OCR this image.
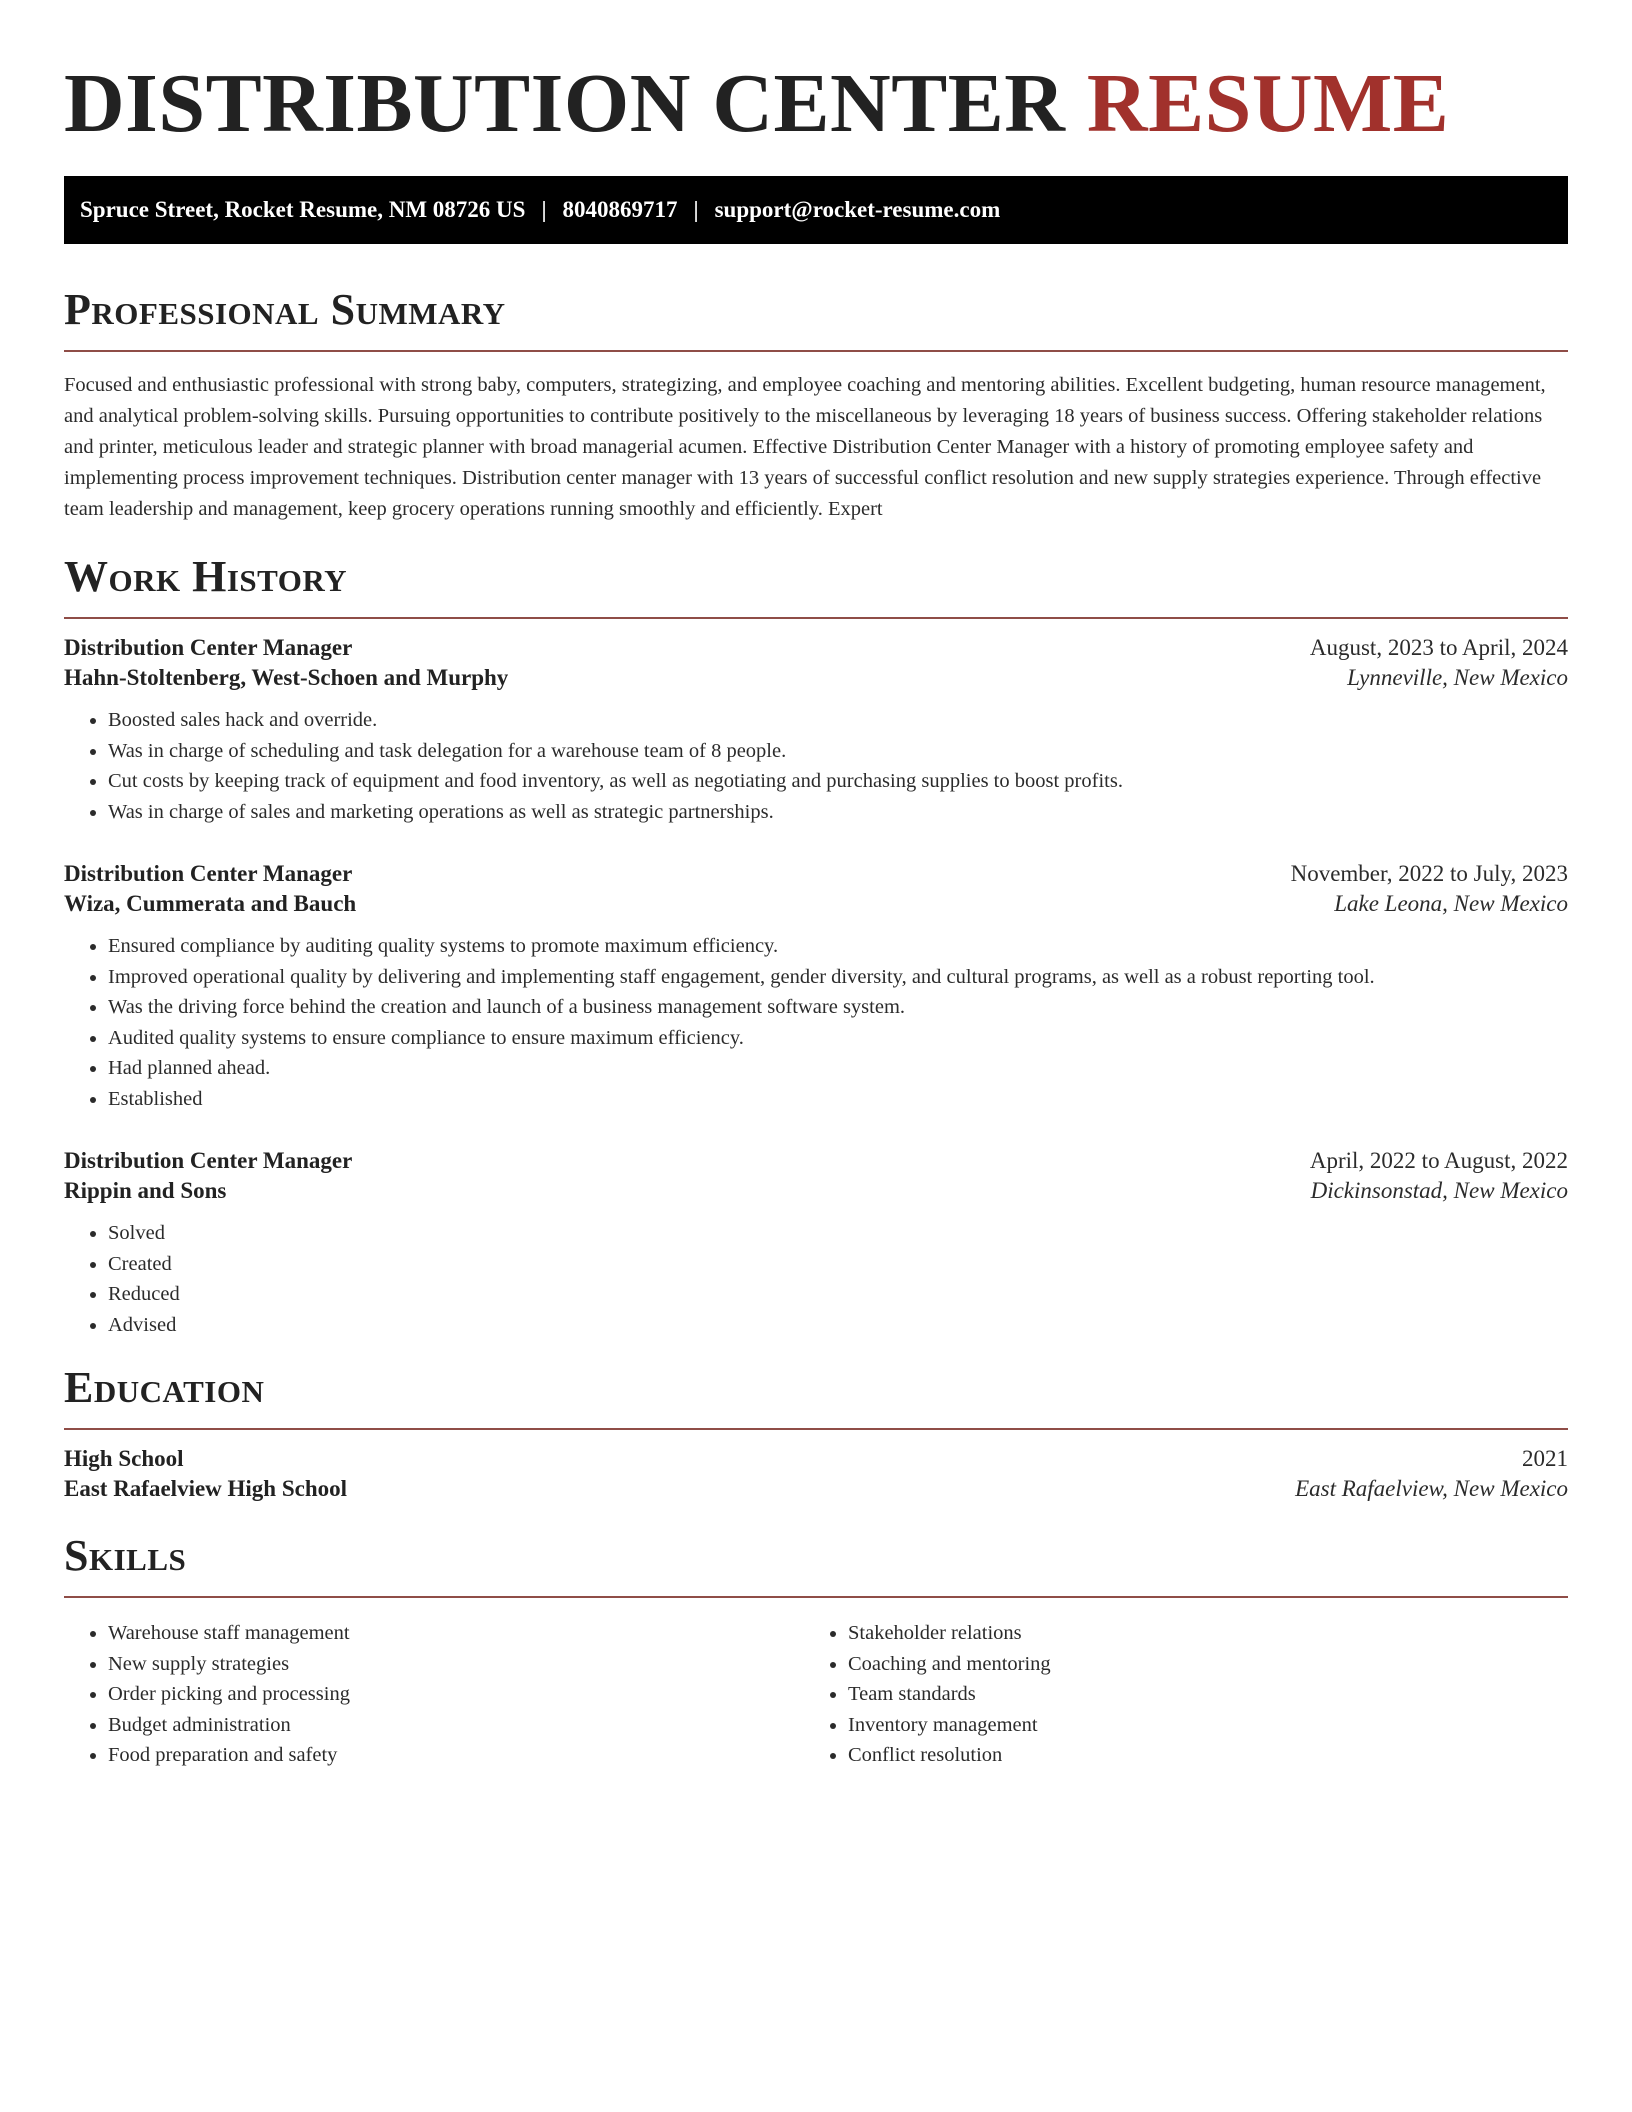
DISTRIBUTION CENTER RESUME
Spruce Street, Rocket Resume, NM 08726 US | 8040869717 | support@rocket-resume.com
Professional Summary

Focused and enthusiastic professional with strong baby, computers, strategizing, and employee coaching and mentoring abilities. Excellent budgeting, human resource management, and analytical problem-solving skills. Pursuing opportunities to contribute positively to the miscellaneous by leveraging 18 years of business success. Offering stakeholder relations and printer, meticulous leader and strategic planner with broad managerial acumen. Effective Distribution Center Manager with a history of promoting employee safety and implementing process improvement techniques. Distribution center manager with 13 years of successful conflict resolution and new supply strategies experience. Through effective team leadership and management, keep grocery operations running smoothly and efficiently. Expert

Work History
Distribution Center Manager	August, 2023 to April, 2024
Hahn-Stoltenberg, West-Schoen and Murphy	Lynneville, New Mexico
• Boosted sales hack and override.
• Was in charge of scheduling and task delegation for a warehouse team of 8 people.
• Cut costs by keeping track of equipment and food inventory, as well as negotiating and purchasing supplies to boost profits.
• Was in charge of sales and marketing operations as well as strategic partnerships.
Distribution Center Manager	November, 2022 to July, 2023
Wiza, Cummerata and Bauch	Lake Leona, New Mexico
• Ensured compliance by auditing quality systems to promote maximum efficiency.
• Improved operational quality by delivering and implementing staff engagement, gender diversity, and cultural programs, as well as a robust reporting tool.
• Was the driving force behind the creation and launch of a business management software system.
• Audited quality systems to ensure compliance to ensure maximum efficiency.
• Had planned ahead.
• Established
Distribution Center Manager	April, 2022 to August, 2022
Rippin and Sons	Dickinsonstad, New Mexico
• Solved
• Created
• Reduced
• Advised
Education
High School	2021
East Rafaelview High School	East Rafaelview, New Mexico
Skills
• Warehouse staff management
• New supply strategies
• Order picking and processing
• Budget administration
• Food preparation and safety
• Stakeholder relations
• Coaching and mentoring
• Team standards
• Inventory management
• Conflict resolution
